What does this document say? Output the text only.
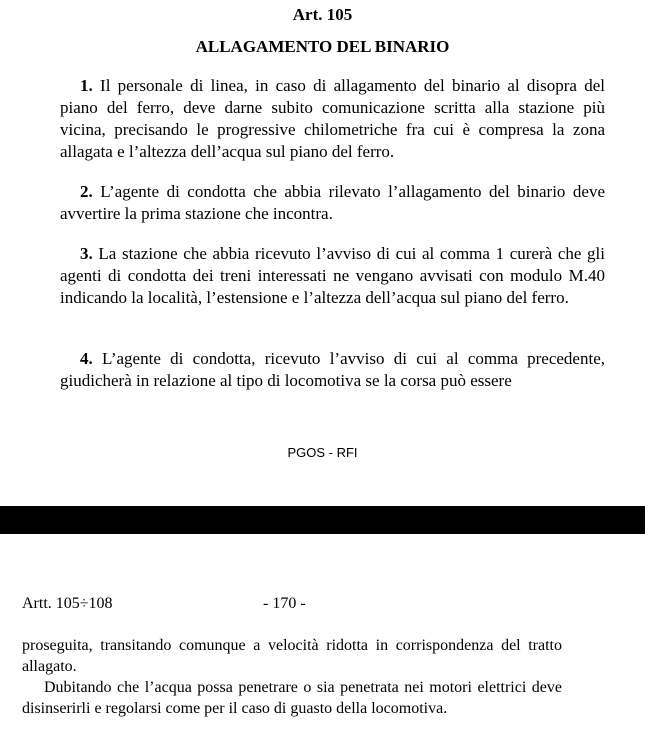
Art. 105
ALLAGAMENTO DEL BINARIO
1. Il personale di linea, in caso di allagamento del binario al disopra del piano del ferro, deve darne subito comunicazione scritta alla stazione più vicina, precisando le progressive chilometriche fra cui è compresa la zona allagata e l’altezza dell’acqua sul piano del ferro.
2. L’agente di condotta che abbia rilevato l’allagamento del binario deve avvertire la prima stazione che incontra.
3. La stazione che abbia ricevuto l’avviso di cui al comma 1 curerà che gli agenti di condotta dei treni interessati ne vengano avvisati con modulo M.40 indicando la località, l’estensione e l’altezza dell’acqua sul piano del ferro.
4. L’agente di condotta, ricevuto l’avviso di cui al comma precedente, giudicherà in relazione al tipo di locomotiva se la corsa può essere
PGOS - RFI
Artt. 105÷108	- 170 -

proseguita, transitando comunque a velocità ridotta in corrispondenza del tratto allagato.

Dubitando che l’acqua possa penetrare o sia penetrata nei motori elettrici deve disinserirli e regolarsi come per il caso di guasto della locomotiva.
